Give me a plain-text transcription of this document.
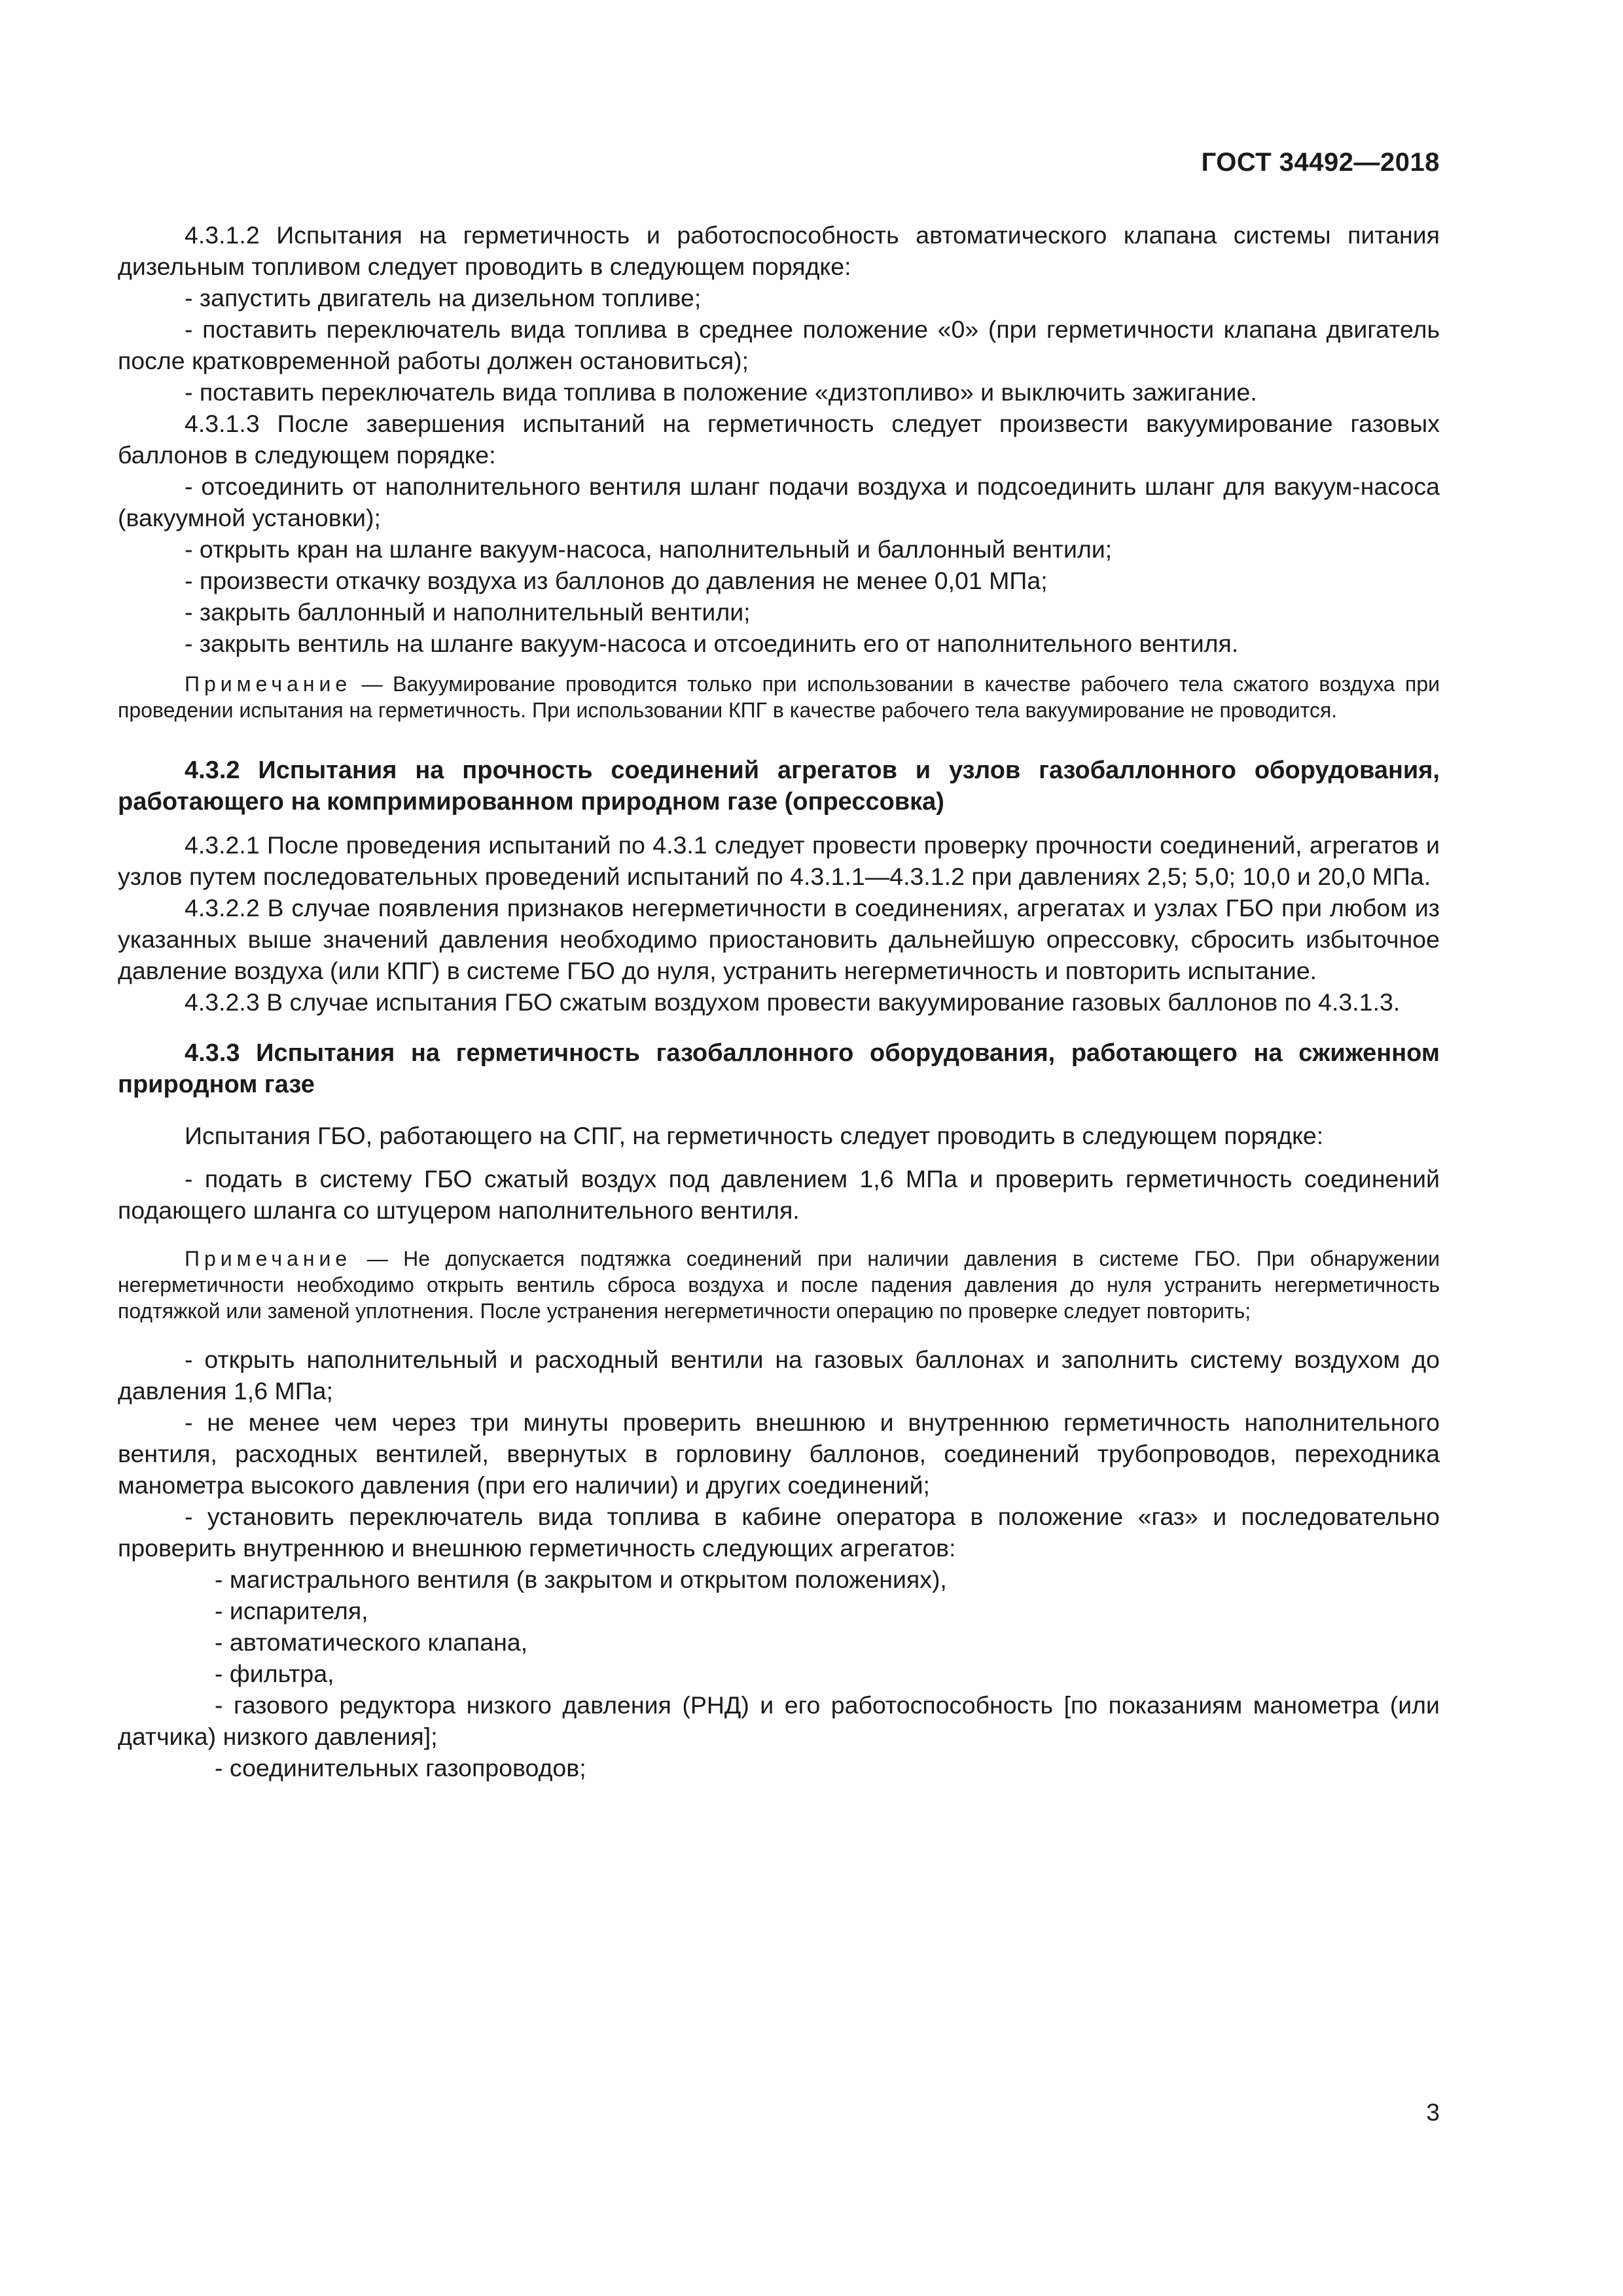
ГОСТ 34492—2018

4.3.1.2 Испытания на герметичность и работоспособность автоматического клапана системы питания дизельным топливом следует проводить в следующем порядке:

- запустить двигатель на дизельном топливе;

- поставить переключатель вида топлива в среднее положение «0» (при герметичности клапана двигатель после кратковременной работы должен остановиться);

- поставить переключатель вида топлива в положение «дизтопливо» и выключить зажигание.

4.3.1.3 После завершения испытаний на герметичность следует произвести вакуумирование газовых баллонов в следующем порядке:

- отсоединить от наполнительного вентиля шланг подачи воздуха и подсоединить шланг для вакуум-насоса (вакуумной установки);

- открыть кран на шланге вакуум-насоса, наполнительный и баллонный вентили;

- произвести откачку воздуха из баллонов до давления не менее 0,01 МПа;

- закрыть баллонный и наполнительный вентили;

- закрыть вентиль на шланге вакуум-насоса и отсоединить его от наполнительного вентиля.

Примечание — Вакуумирование проводится только при использовании в качестве рабочего тела сжатого воздуха при проведении испытания на герметичность. При использовании КПГ в качестве рабочего тела вакуумирование не проводится.

4.3.2 Испытания на прочность соединений агрегатов и узлов газобаллонного оборудования, работающего на компримированном природном газе (опрессовка)

4.3.2.1 После проведения испытаний по 4.3.1 следует провести проверку прочности соединений, агрегатов и узлов путем последовательных проведений испытаний по 4.3.1.1—4.3.1.2 при давлениях 2,5; 5,0; 10,0 и 20,0 МПа.

4.3.2.2 В случае появления признаков негерметичности в соединениях, агрегатах и узлах ГБО при любом из указанных выше значений давления необходимо приостановить дальнейшую опрессовку, сбросить избыточное давление воздуха (или КПГ) в системе ГБО до нуля, устранить негерметичность и повторить испытание.

4.3.2.3 В случае испытания ГБО сжатым воздухом провести вакуумирование газовых баллонов по 4.3.1.3.

4.3.3 Испытания на герметичность газобаллонного оборудования, работающего на сжиженном природном газе

Испытания ГБО, работающего на СПГ, на герметичность следует проводить в следующем порядке:

- подать в систему ГБО сжатый воздух под давлением 1,6 МПа и проверить герметичность соединений подающего шланга со штуцером наполнительного вентиля.

Примечание — Не допускается подтяжка соединений при наличии давления в системе ГБО. При обнаружении негерметичности необходимо открыть вентиль сброса воздуха и после падения давления до нуля устранить негерметичность подтяжкой или заменой уплотнения. После устранения негерметичности операцию по проверке следует повторить;

- открыть наполнительный и расходный вентили на газовых баллонах и заполнить систему воздухом до давления 1,6 МПа;

- не менее чем через три минуты проверить внешнюю и внутреннюю герметичность наполнительного вентиля, расходных вентилей, ввернутых в горловину баллонов, соединений трубопроводов, переходника манометра высокого давления (при его наличии) и других соединений;

- установить переключатель вида топлива в кабине оператора в положение «газ» и последовательно проверить внутреннюю и внешнюю герметичность следующих агрегатов:

- магистрального вентиля (в закрытом и открытом положениях),

- испарителя,

- автоматического клапана,

- фильтра,

- газового редуктора низкого давления (РНД) и его работоспособность [по показаниям манометра (или датчика) низкого давления];

- соединительных газопроводов;

3
